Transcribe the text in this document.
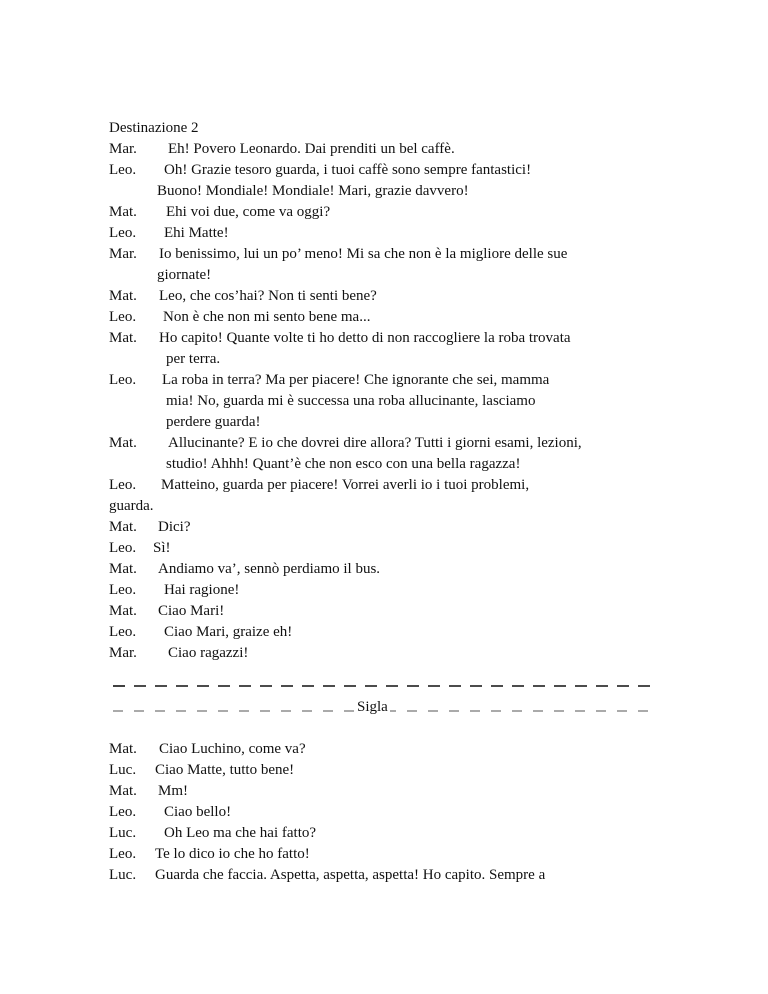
Destinazione 2
Mar. Eh! Povero Leonardo. Dai prenditi un bel caffè.
Leo. Oh! Grazie tesoro guarda, i tuoi caffè sono sempre fantastici!
Buono! Mondiale! Mondiale! Mari, grazie davvero!
Mat. Ehi voi due, come va oggi?
Leo. Ehi Matte!
Mar. Io benissimo, lui un po’ meno! Mi sa che non è la migliore delle sue
giornate!
Mat. Leo, che cos’hai? Non ti senti bene?
Leo. Non è che non mi sento bene ma...
Mat. Ho capito! Quante volte ti ho detto di non raccogliere la roba trovata
per terra.
Leo. La roba in terra? Ma per piacere! Che ignorante che sei, mamma
mia! No, guarda mi è successa una roba allucinante, lasciamo
perdere guarda!
Mat. Allucinante? E io che dovrei dire allora? Tutti i giorni esami, lezioni,
studio! Ahhh! Quant’è che non esco con una bella ragazza!
Leo. Matteino, guarda per piacere! Vorrei averli io i tuoi problemi,
guarda.
Mat. Dici?
Leo. Sì!
Mat. Andiamo va’, sennò perdiamo il bus.
Leo. Hai ragione!
Mat. Ciao Mari!
Leo. Ciao Mari, graize eh!
Mar. Ciao ragazzi!
Sigla
Mat. Ciao Luchino, come va?
Luc. Ciao Matte, tutto bene!
Mat. Mm!
Leo. Ciao bello!
Luc. Oh Leo ma che hai fatto?
Leo. Te lo dico io che ho fatto!
Luc. Guarda che faccia. Aspetta, aspetta, aspetta! Ho capito. Sempre a
